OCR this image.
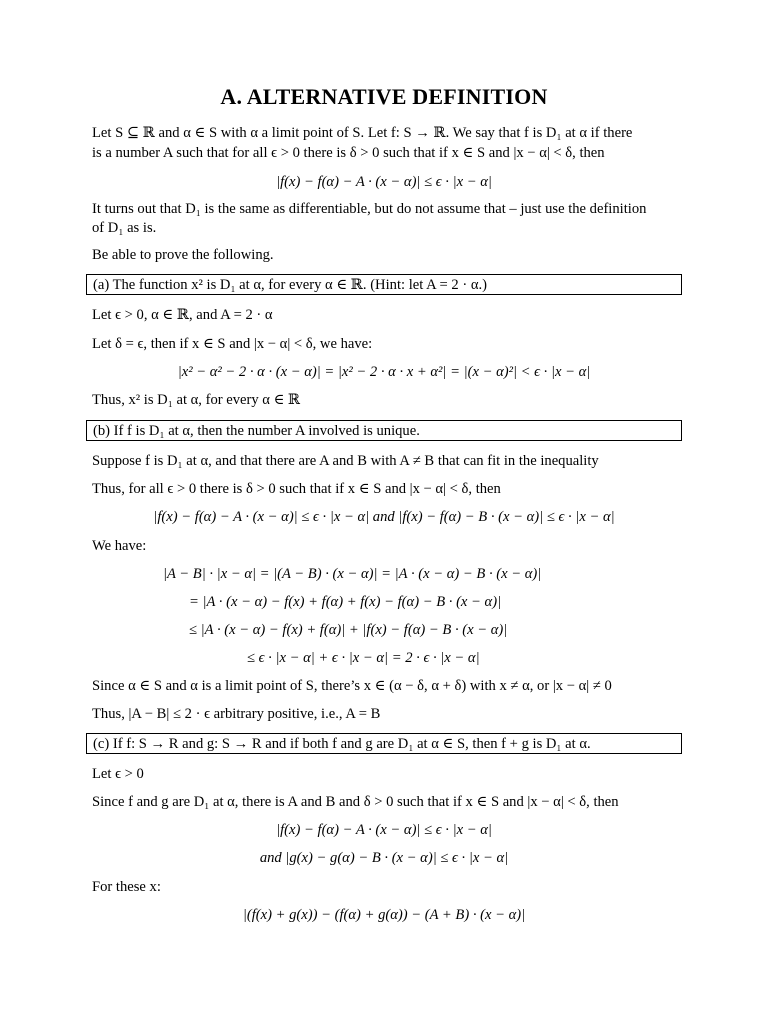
A. ALTERNATIVE DEFINITION
Let S ⊆ ℝ and α ∈ S with α a limit point of S. Let f: S → ℝ. We say that f is D₁ at α if there
is a number A such that for all ϵ > 0 there is δ > 0 such that if x ∈ S and |x − α| < δ, then
|f(x) − f(α) − A · (x − α)| ≤ ϵ · |x − α|
It turns out that D₁ is the same as differentiable, but do not assume that – just use the definition
of D₁ as is.
Be able to prove the following.
(a) The function x² is D₁ at α, for every α ∈ ℝ. (Hint: let A = 2 · α.)
Let ϵ > 0, α ∈ ℝ, and A = 2 · α
Let δ = ϵ, then if x ∈ S and |x − α| < δ, we have:
|x² − α² − 2 · α · (x − α)| = |x² − 2 · α · x + α²| = |(x − α)²| < ϵ · |x − α|
Thus, x² is D₁ at α, for every α ∈ ℝ
(b) If f is D₁ at α, then the number A involved is unique.
Suppose f is D₁ at α, and that there are A and B with A ≠ B that can fit in the inequality
Thus, for all ϵ > 0 there is δ > 0 such that if x ∈ S and |x − α| < δ, then
|f(x) − f(α) − A · (x − α)| ≤ ϵ · |x − α| and |f(x) − f(α) − B · (x − α)| ≤ ϵ · |x − α|
We have:
|A − B| · |x − α| = |(A − B) · (x − α)| = |A · (x − α) − B · (x − α)|
= |A · (x − α) − f(x) + f(α) + f(x) − f(α) − B · (x − α)|
≤ |A · (x − α) − f(x) + f(α)| + |f(x) − f(α) − B · (x − α)|
≤ ϵ · |x − α| + ϵ · |x − α| = 2 · ϵ · |x − α|
Since α ∈ S and α is a limit point of S, there’s x ∈ (α − δ, α + δ) with x ≠ α, or |x − α| ≠ 0
Thus, |A − B| ≤ 2 · ϵ arbitrary positive, i.e., A = B
(c) If f: S → R and g: S → R and if both f and g are D₁ at α ∈ S, then f + g is D₁ at α.
Let ϵ > 0
Since f and g are D₁ at α, there is A and B and δ > 0 such that if x ∈ S and |x − α| < δ, then
|f(x) − f(α) − A · (x − α)| ≤ ϵ · |x − α|
and |g(x) − g(α) − B · (x − α)| ≤ ϵ · |x − α|
For these x:
|(f(x) + g(x)) − (f(α) + g(α)) − (A + B) · (x − α)|
